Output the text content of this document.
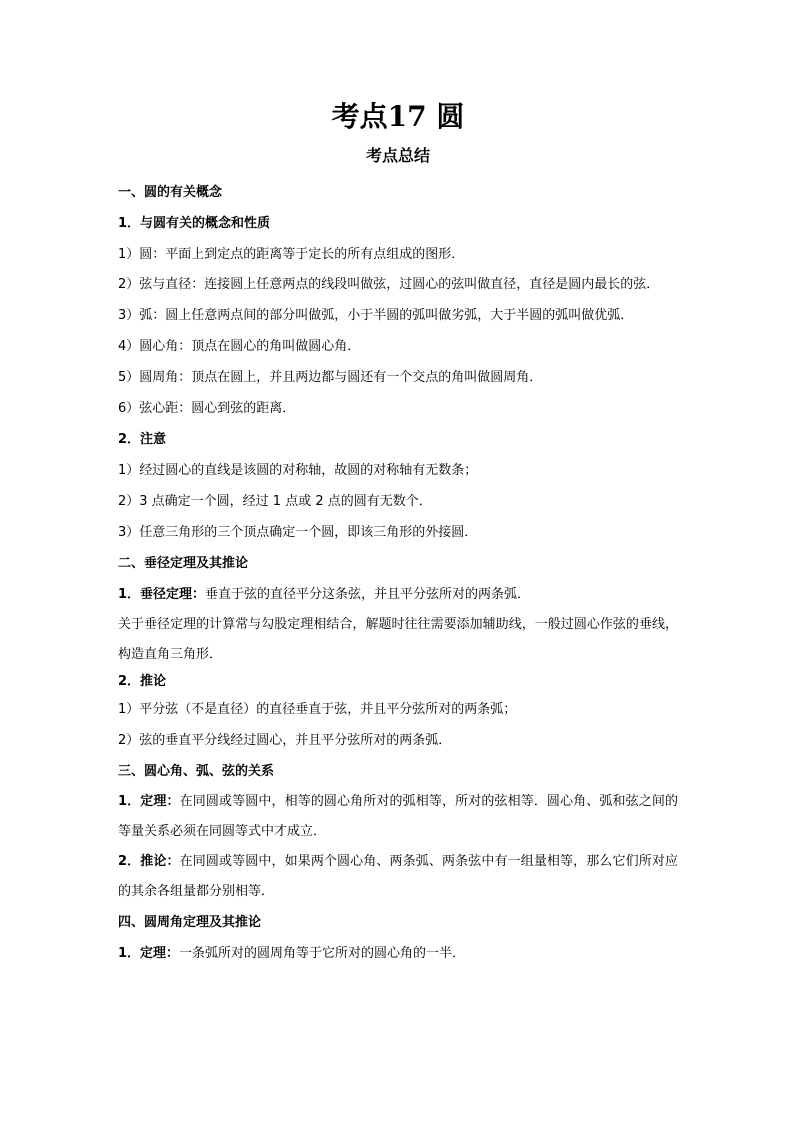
考点17 圆
考点总结

一、圆的有关概念

1．与圆有关的概念和性质

1）圆：平面上到定点的距离等于定长的所有点组成的图形．

2）弦与直径：连接圆上任意两点的线段叫做弦，过圆心的弦叫做直径，直径是圆内最长的弦．

3）弧：圆上任意两点间的部分叫做弧，小于半圆的弧叫做劣弧，大于半圆的弧叫做优弧．

4）圆心角：顶点在圆心的角叫做圆心角．

5）圆周角：顶点在圆上，并且两边都与圆还有一个交点的角叫做圆周角．

6）弦心距：圆心到弦的距离．

2．注意

1）经过圆心的直线是该圆的对称轴，故圆的对称轴有无数条；

2）3 点确定一个圆，经过 1 点或 2 点的圆有无数个．

3）任意三角形的三个顶点确定一个圆，即该三角形的外接圆．

二、垂径定理及其推论

1．垂径定理：垂直于弦的直径平分这条弦，并且平分弦所对的两条弧．

关于垂径定理的计算常与勾股定理相结合，解题时往往需要添加辅助线，一般过圆心作弦的垂线，构造直角三角形．

2．推论

1）平分弦（不是直径）的直径垂直于弦，并且平分弦所对的两条弧；

2）弦的垂直平分线经过圆心，并且平分弦所对的两条弧．

三、圆心角、弧、弦的关系

1．定理：在同圆或等圆中，相等的圆心角所对的弧相等，所对的弦相等．圆心角、弧和弦之间的等量关系必须在同圆等式中才成立．

2．推论：在同圆或等圆中，如果两个圆心角、两条弧、两条弦中有一组量相等，那么它们所对应的其余各组量都分别相等．

四、圆周角定理及其推论

1．定理：一条弧所对的圆周角等于它所对的圆心角的一半．
